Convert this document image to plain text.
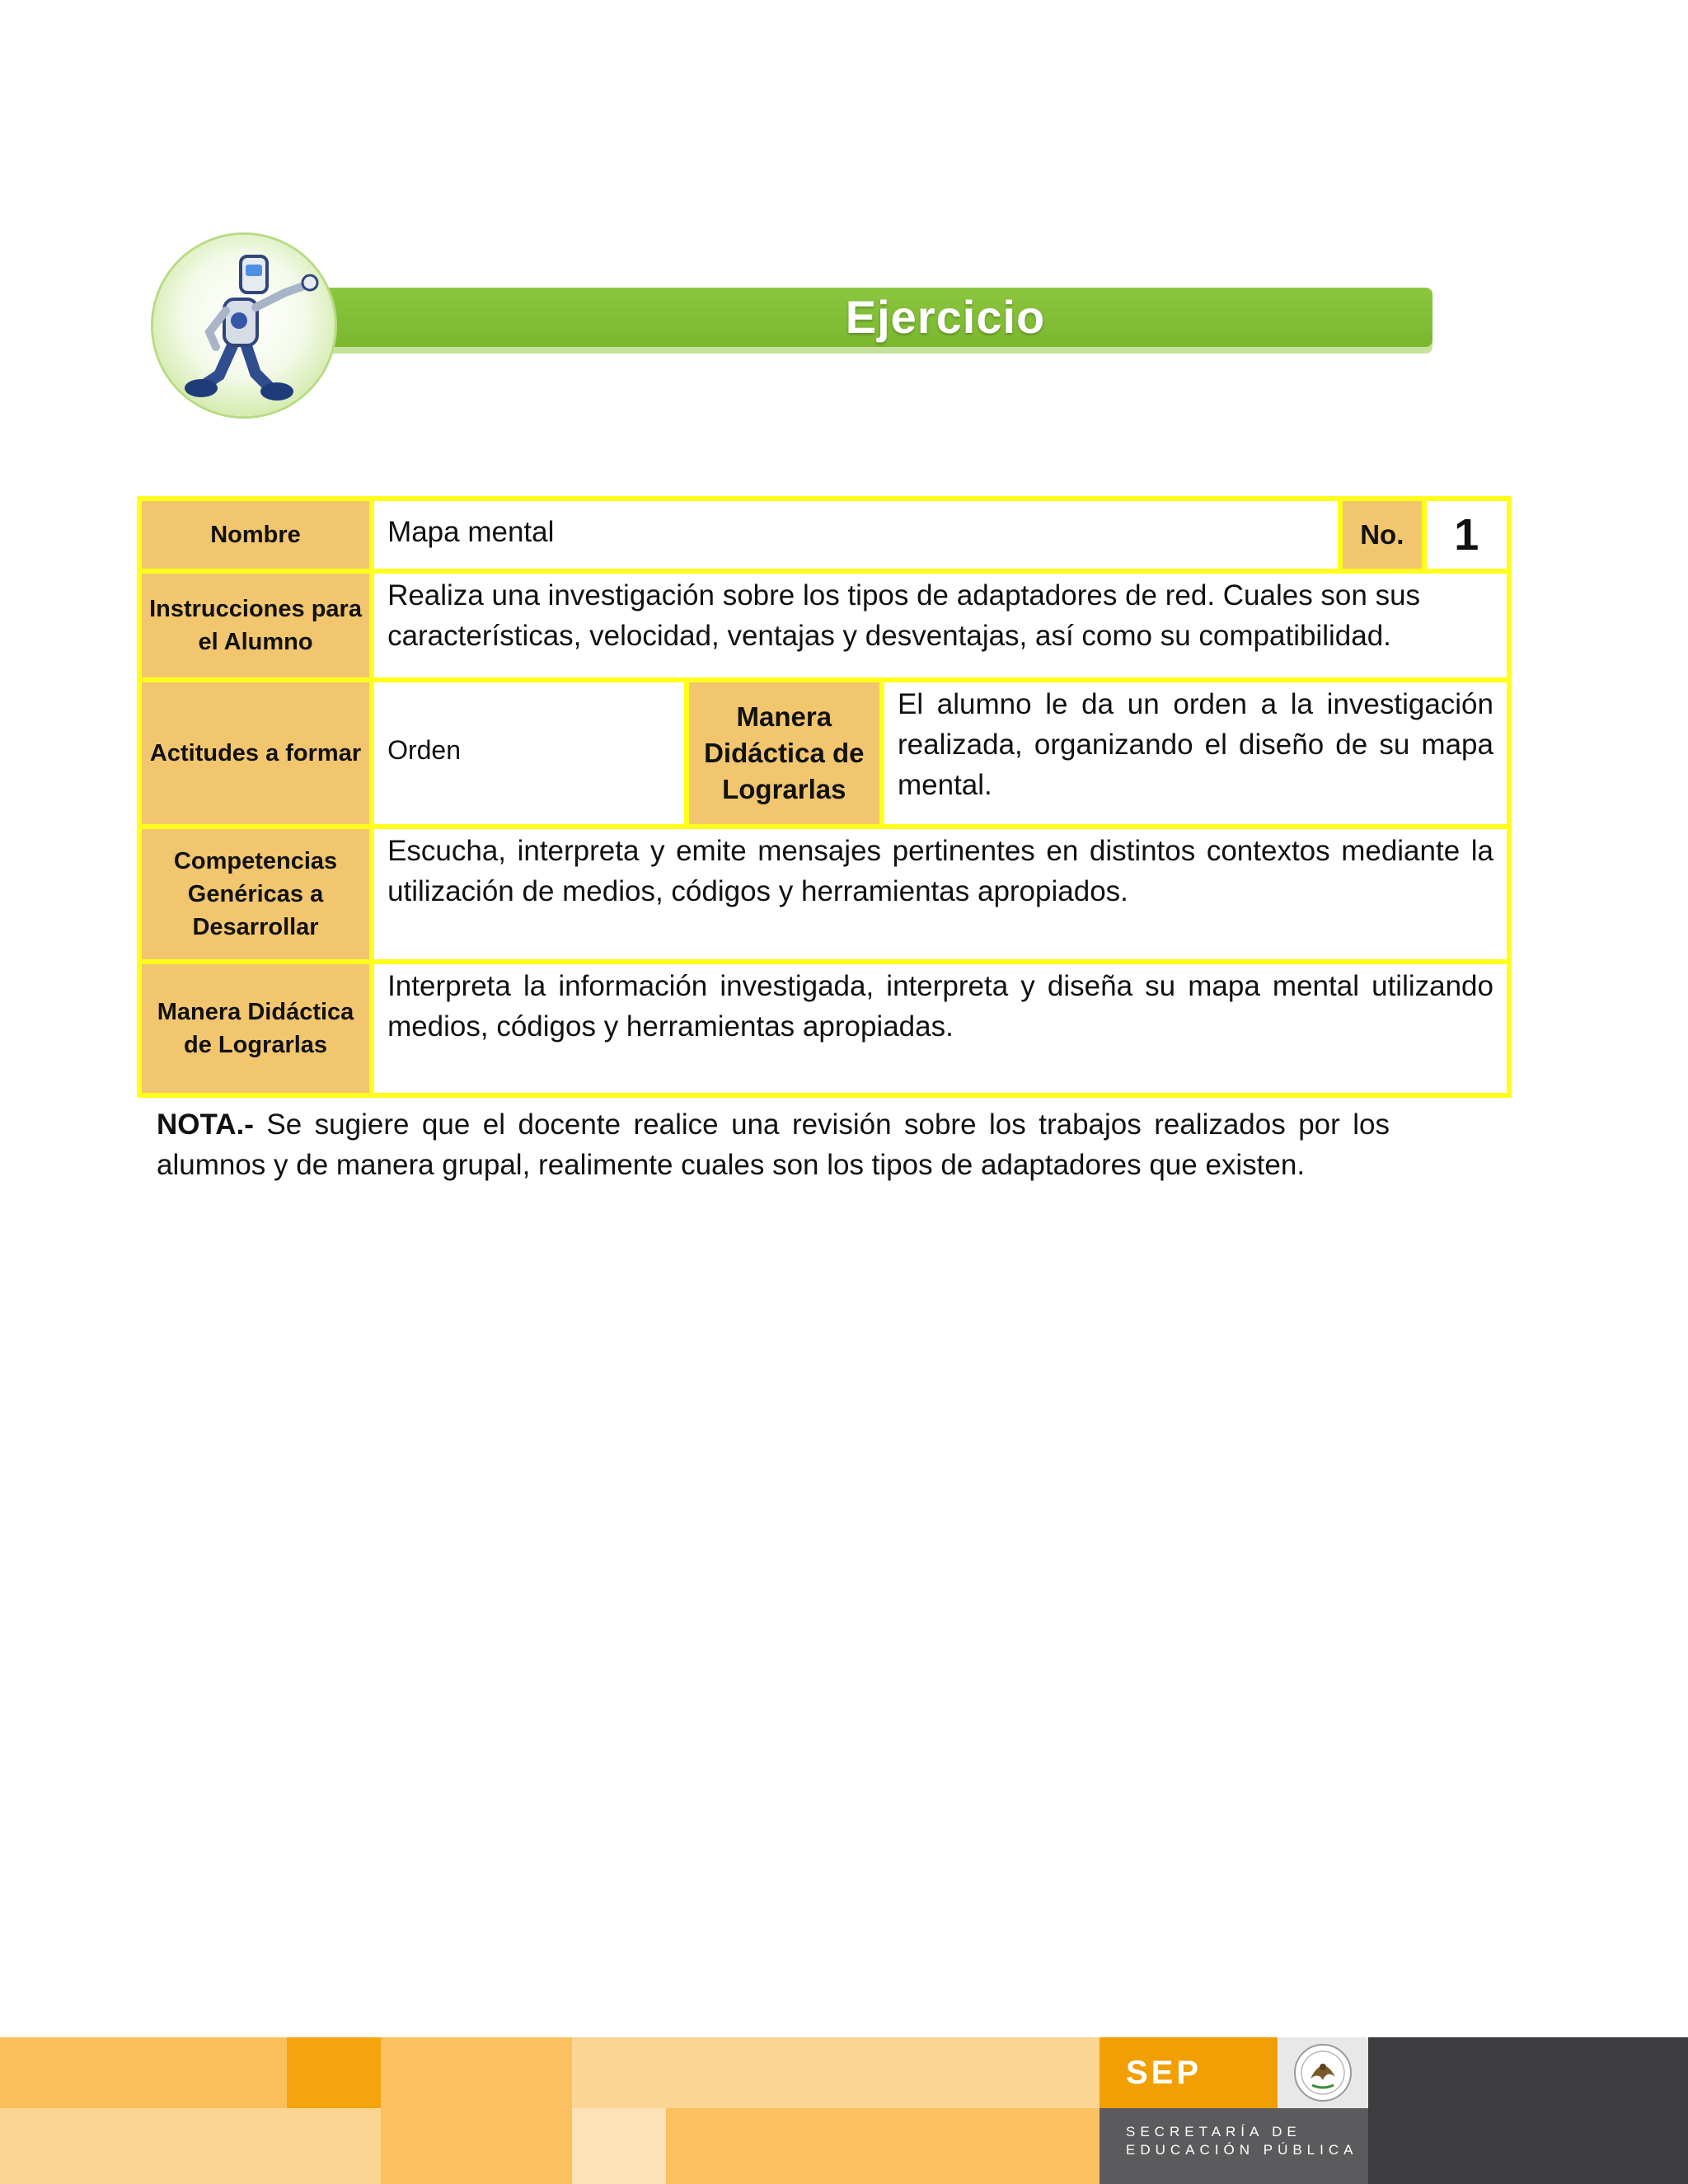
Ejercicio
Nombre	Mapa mental			No.	1
Instrucciones para el Alumno	Realiza una investigación sobre los tipos de adaptadores de red. Cuales son sus características, velocidad, ventajas y desventajas, así como su compatibilidad.				
Actitudes a formar	Orden	Manera Didáctica de Lograrlas	El alumno le da un orden a la investigación realizada, organizando el diseño de su mapa mental.		
Competencias Genéricas a Desarrollar	Escucha, interpreta y emite mensajes pertinentes en distintos contextos mediante la utilización de medios, códigos y herramientas apropiados.				
Manera Didáctica de Lograrlas	Interpreta la información investigada, interpreta y diseña su mapa mental utilizando medios, códigos y herramientas apropiadas.				
NOTA.- Se sugiere que el docente realice una revisión sobre los trabajos realizados por los alumnos y de manera grupal, realimente cuales son los tipos de adaptadores que existen.
SEP
SECRETARÍA DE
EDUCACIÓN PÚBLICA
